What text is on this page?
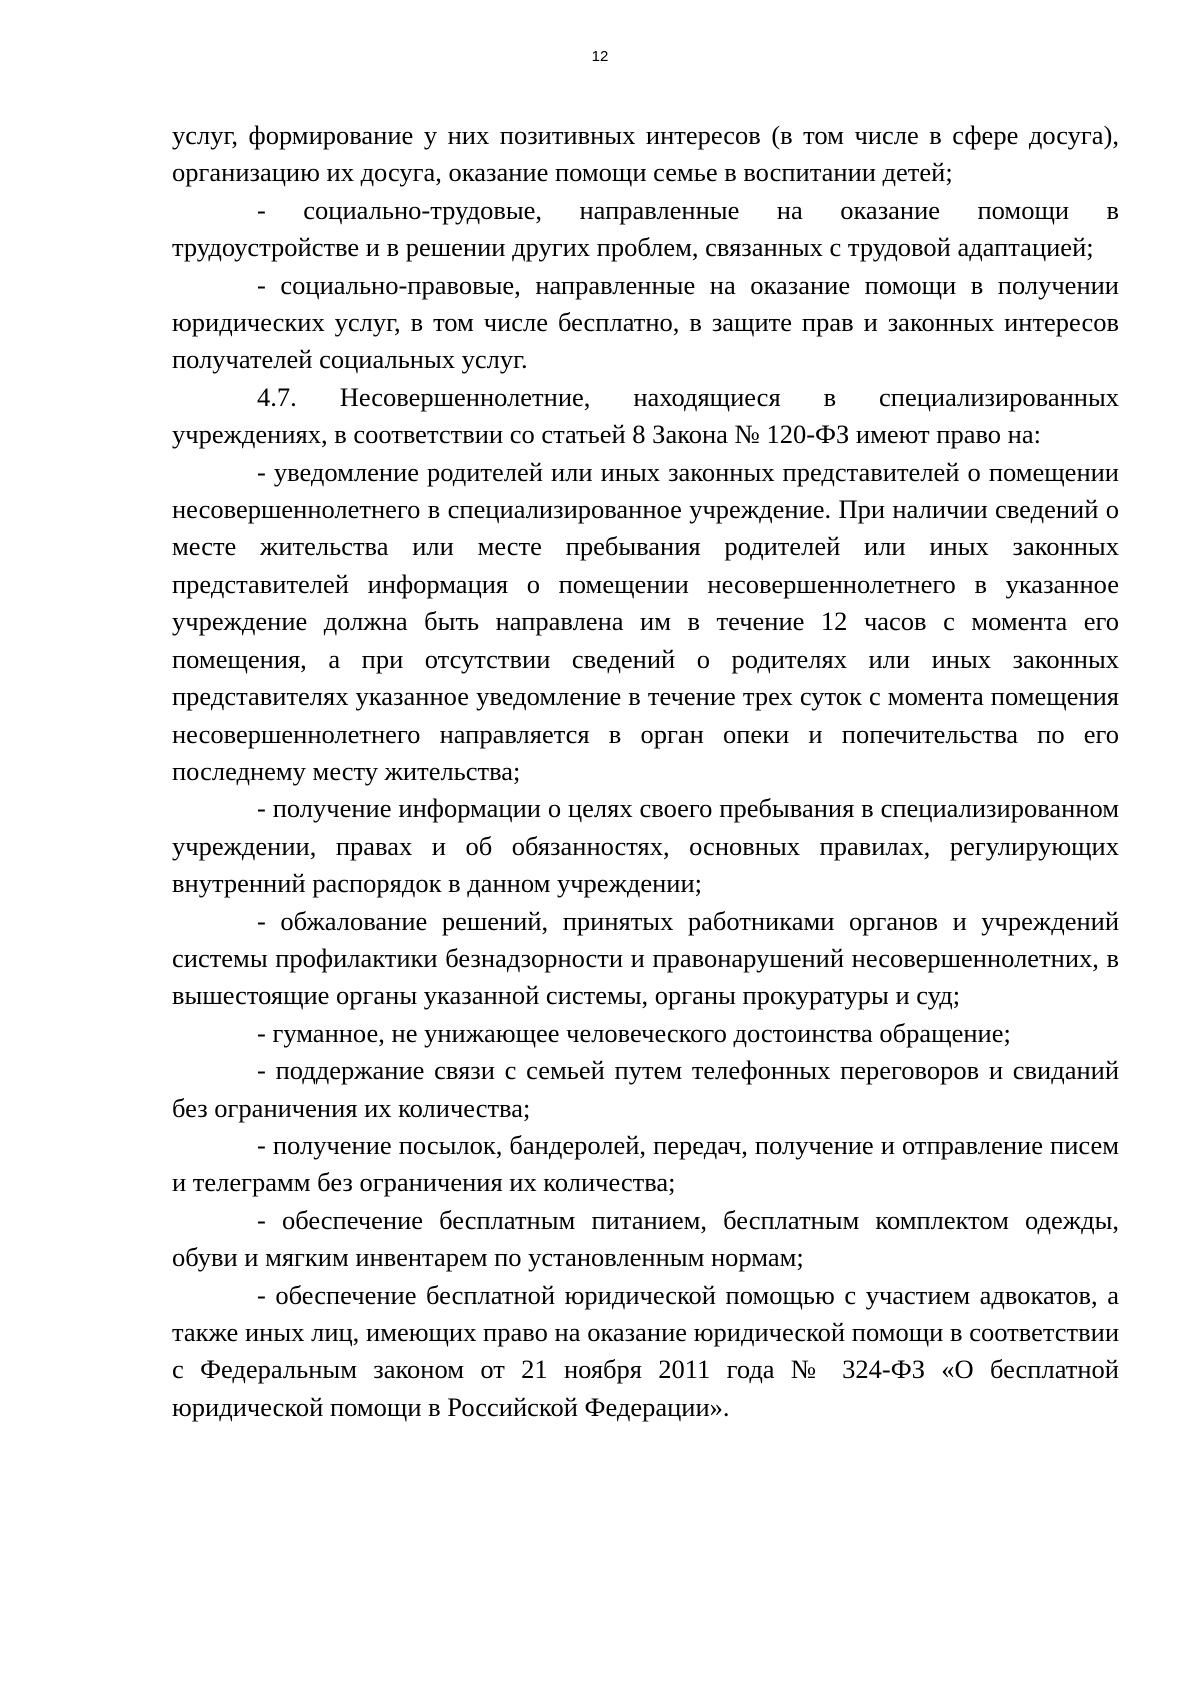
12

услуг, формирование у них позитивных интересов (в том числе в сфере досуга), организацию их досуга, оказание помощи семье в воспитании детей;

- социально-трудовые, направленные на оказание помощи в трудоустройстве и в решении других проблем, связанных с трудовой адаптацией;

- социально-правовые, направленные на оказание помощи в получении юридических услуг, в том числе бесплатно, в защите прав и законных интересов получателей социальных услуг.

4.7. Несовершеннолетние, находящиеся в специализированных учреждениях, в соответствии со статьей 8 Закона № 120-ФЗ имеют право на:

- уведомление родителей или иных законных представителей о помещении несовершеннолетнего в специализированное учреждение. При наличии сведений о месте жительства или месте пребывания родителей или иных законных представителей информация о помещении несовершеннолетнего в указанное учреждение должна быть направлена им в течение 12 часов с момента его помещения, а при отсутствии сведений о родителях или иных законных представителях указанное уведомление в течение трех суток с момента помещения несовершеннолетнего направляется в орган опеки и попечительства по его последнему месту жительства;

- получение информации о целях своего пребывания в специализированном учреждении, правах и об обязанностях, основных правилах, регулирующих внутренний распорядок в данном учреждении;

- обжалование решений, принятых работниками органов и учреждений системы профилактики безнадзорности и правонарушений несовершеннолетних, в вышестоящие органы указанной системы, органы прокуратуры и суд;

- гуманное, не унижающее человеческого достоинства обращение;

- поддержание связи с семьей путем телефонных переговоров и свиданий без ограничения их количества;

- получение посылок, бандеролей, передач, получение и отправление писем и телеграмм без ограничения их количества;

- обеспечение бесплатным питанием, бесплатным комплектом одежды, обуви и мягким инвентарем по установленным нормам;

- обеспечение бесплатной юридической помощью с участием адвокатов, а также иных лиц, имеющих право на оказание юридической помощи в соответствии с Федеральным законом от 21 ноября 2011 года № 324-ФЗ «О бесплатной юридической помощи в Российской Федерации».
